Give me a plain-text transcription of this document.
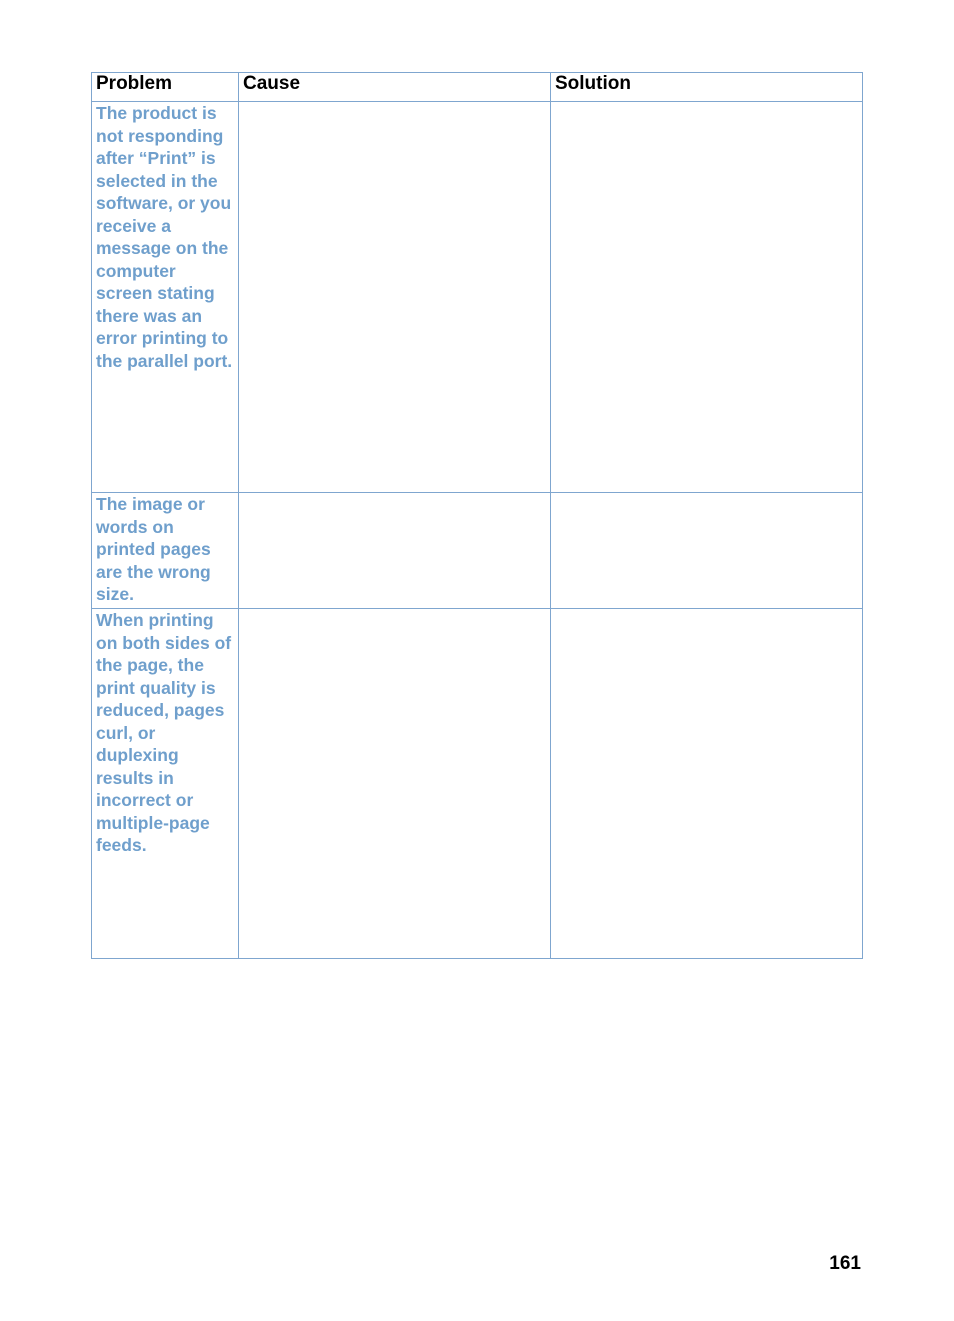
Problem	Cause	Solution
The product is not responding after “Print” is selected in the software, or you receive a message on the computer screen stating there was an error printing to the parallel port.		
The image or words on printed pages are the wrong size.		
When printing on both sides of the page, the print quality is reduced, pages curl, or duplexing results in incorrect or multiple-page feeds.		
161
